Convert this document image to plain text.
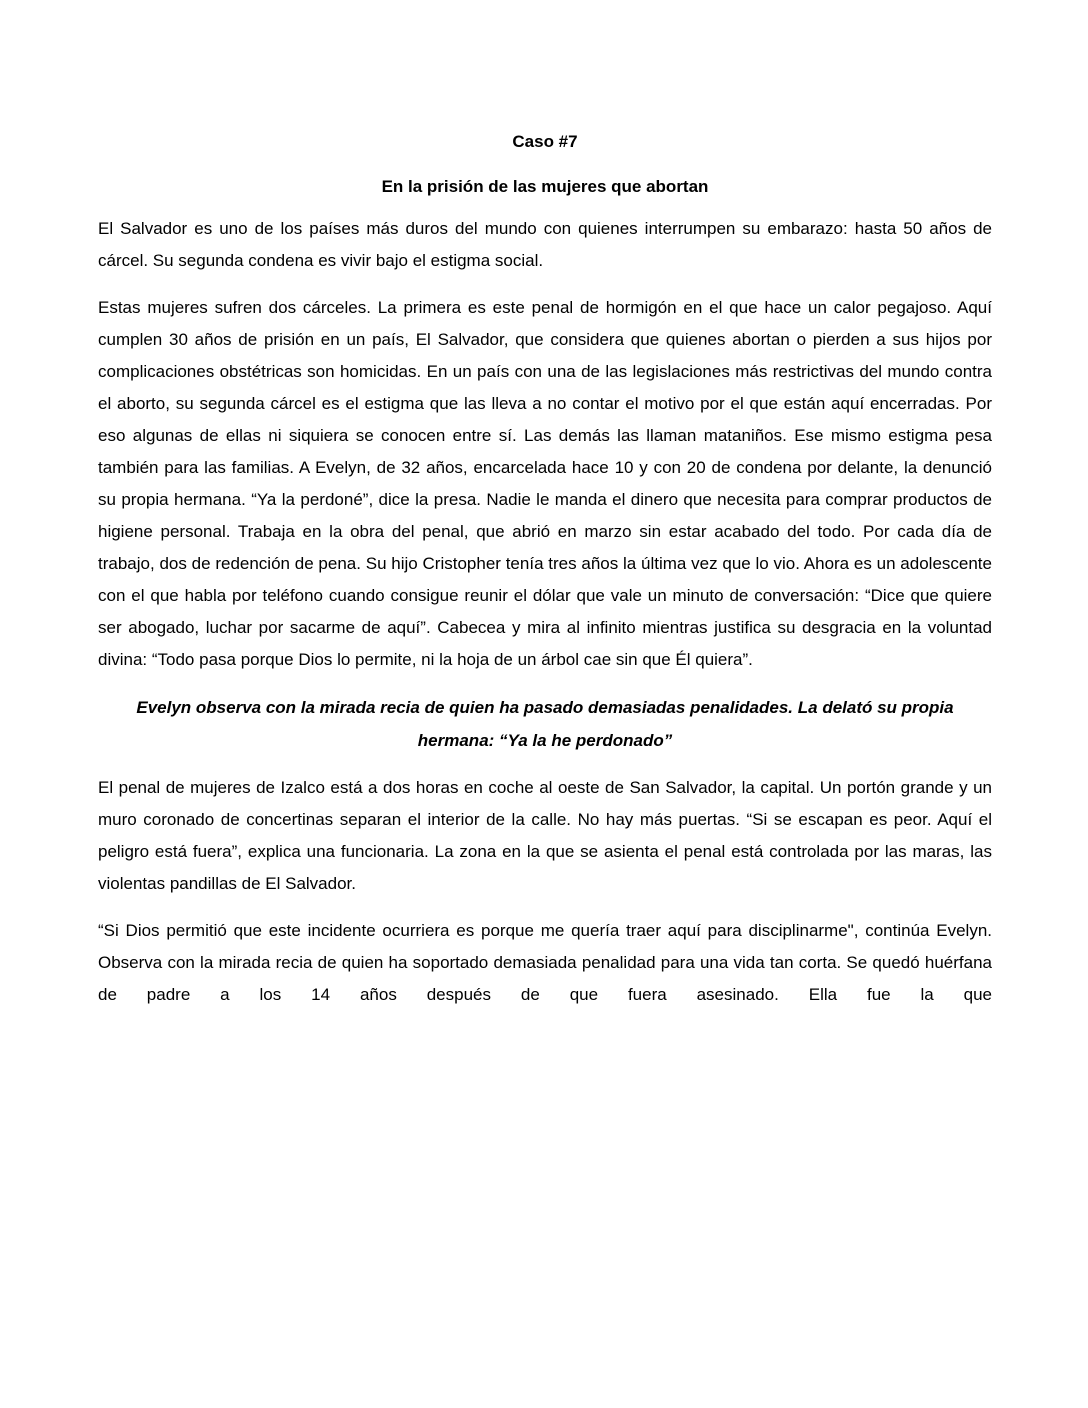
Caso #7

En la prisión de las mujeres que abortan

El Salvador es uno de los países más duros del mundo con quienes interrumpen su embarazo: hasta 50 años de cárcel. Su segunda condena es vivir bajo el estigma social.

Estas mujeres sufren dos cárceles. La primera es este penal de hormigón en el que hace un calor pegajoso. Aquí cumplen 30 años de prisión en un país, El Salvador, que considera que quienes abortan o pierden a sus hijos por complicaciones obstétricas son homicidas. En un país con una de las legislaciones más restrictivas del mundo contra el aborto, su segunda cárcel es el estigma que las lleva a no contar el motivo por el que están aquí encerradas. Por eso algunas de ellas ni siquiera se conocen entre sí. Las demás las llaman mataniños. Ese mismo estigma pesa también para las familias. A Evelyn, de 32 años, encarcelada hace 10 y con 20 de condena por delante, la denunció su propia hermana. “Ya la perdoné”, dice la presa. Nadie le manda el dinero que necesita para comprar productos de higiene personal. Trabaja en la obra del penal, que abrió en marzo sin estar acabado del todo. Por cada día de trabajo, dos de redención de pena. Su hijo Cristopher tenía tres años la última vez que lo vio. Ahora es un adolescente con el que habla por teléfono cuando consigue reunir el dólar que vale un minuto de conversación: “Dice que quiere ser abogado, luchar por sacarme de aquí”. Cabecea y mira al infinito mientras justifica su desgracia en la voluntad divina: “Todo pasa porque Dios lo permite, ni la hoja de un árbol cae sin que Él quiera”.

Evelyn observa con la mirada recia de quien ha pasado demasiadas penalidades. La delató su propia hermana: “Ya la he perdonado”

El penal de mujeres de Izalco está a dos horas en coche al oeste de San Salvador, la capital. Un portón grande y un muro coronado de concertinas separan el interior de la calle. No hay más puertas. “Si se escapan es peor. Aquí el peligro está fuera”, explica una funcionaria. La zona en la que se asienta el penal está controlada por las maras, las violentas pandillas de El Salvador.

“Si Dios permitió que este incidente ocurriera es porque me quería traer aquí para disciplinarme", continúa Evelyn. Observa con la mirada recia de quien ha soportado demasiada penalidad para una vida tan corta. Se quedó huérfana de padre a los 14 años después de que fuera asesinado. Ella fue la que
